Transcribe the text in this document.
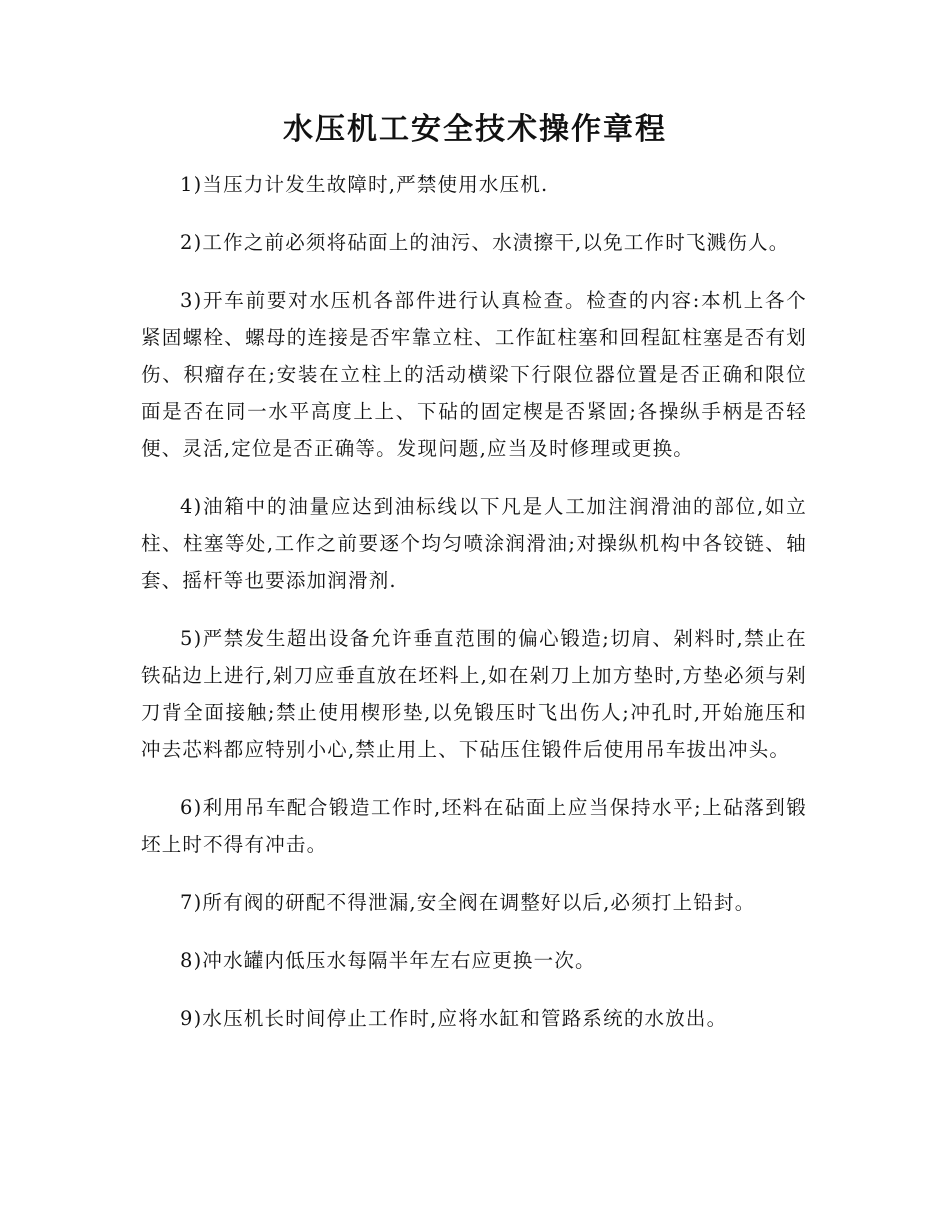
水压机工安全技术操作章程

1)当压力计发生故障时,严禁使用水压机.

2)工作之前必须将砧面上的油污、水渍擦干,以免工作时飞溅伤人。

3)开车前要对水压机各部件进行认真检查。检查的内容:本机上各个紧固螺栓、螺母的连接是否牢靠立柱、工作缸柱塞和回程缸柱塞是否有划伤、积瘤存在;安装在立柱上的活动横梁下行限位器位置是否正确和限位面是否在同一水平高度上上、下砧的固定楔是否紧固;各操纵手柄是否轻便、灵活,定位是否正确等。发现问题,应当及时修理或更换。

4)油箱中的油量应达到油标线以下凡是人工加注润滑油的部位,如立柱、柱塞等处,工作之前要逐个均匀喷涂润滑油;对操纵机构中各铰链、轴套、摇杆等也要添加润滑剂.

5)严禁发生超出设备允许垂直范围的偏心锻造;切肩、剁料时,禁止在铁砧边上进行,剁刀应垂直放在坯料上,如在剁刀上加方垫时,方垫必须与剁刀背全面接触;禁止使用楔形垫,以免锻压时飞出伤人;冲孔时,开始施压和冲去芯料都应特别小心,禁止用上、下砧压住锻件后使用吊车拔出冲头。

6)利用吊车配合锻造工作时,坯料在砧面上应当保持水平;上砧落到锻坯上时不得有冲击。

7)所有阀的研配不得泄漏,安全阀在调整好以后,必须打上铅封。

8)冲水罐内低压水每隔半年左右应更换一次。

9)水压机长时间停止工作时,应将水缸和管路系统的水放出。
